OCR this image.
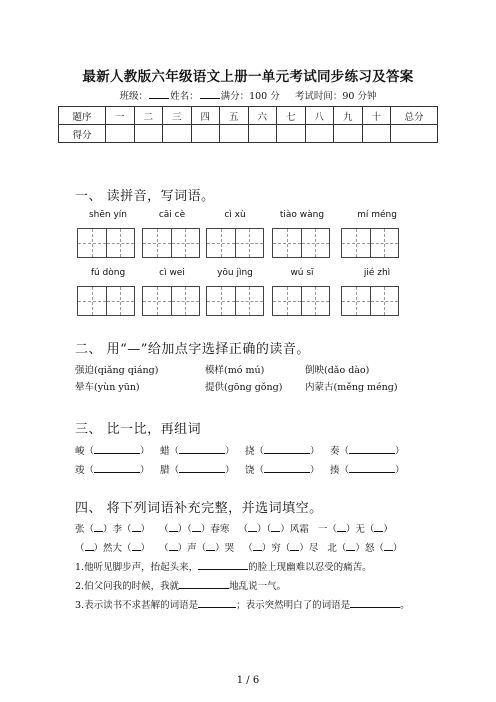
最新人教版六年级语文上册一单元考试同步练习及答案
班级： 姓名： 满分：100 分 考试时间：90 分钟
题序	一	二	三	四	五	六	七	八	九	十	总分
得分											
一、 读拼音，写词语。
shēn yín	cāi cè	cì xù	tiào wàng	mí méng
fú dòng	cì wei	yōu jìng	wú sī	jié zhì
二、 用“—”给加点字选择正确的读音。
强迫(qiǎng qiáng)	模样(mó mú)	倒映(dǎo dào)
晕车(yùn yūn)	提供(gōng gǒng) 内蒙古(měng méng)
三、 比一比，再组词
峻（	） 蜡（	） 挠（	） 奏（	）
竣（	） 腊（	） 饶（	） 揍（	）
四、 将下列词语补充完整，并选词填空。
张（ ）李（ ） （ ）（ ）春寒 （ ）（ ）风霜 一（ ）无（ ）
（ ）然大（ ） （ ）声（ ）哭 （ ）穷（ ）尽 北（ ）怒（ ）
1.他听见脚步声，抬起头来，	的脸上现幽难以忍受的痛苦。
2.伯父问我的时候，我就	地乱说一气。
3.表示读书不求甚解的词语是	；表示突然明白了的词语是	。
1 / 6
